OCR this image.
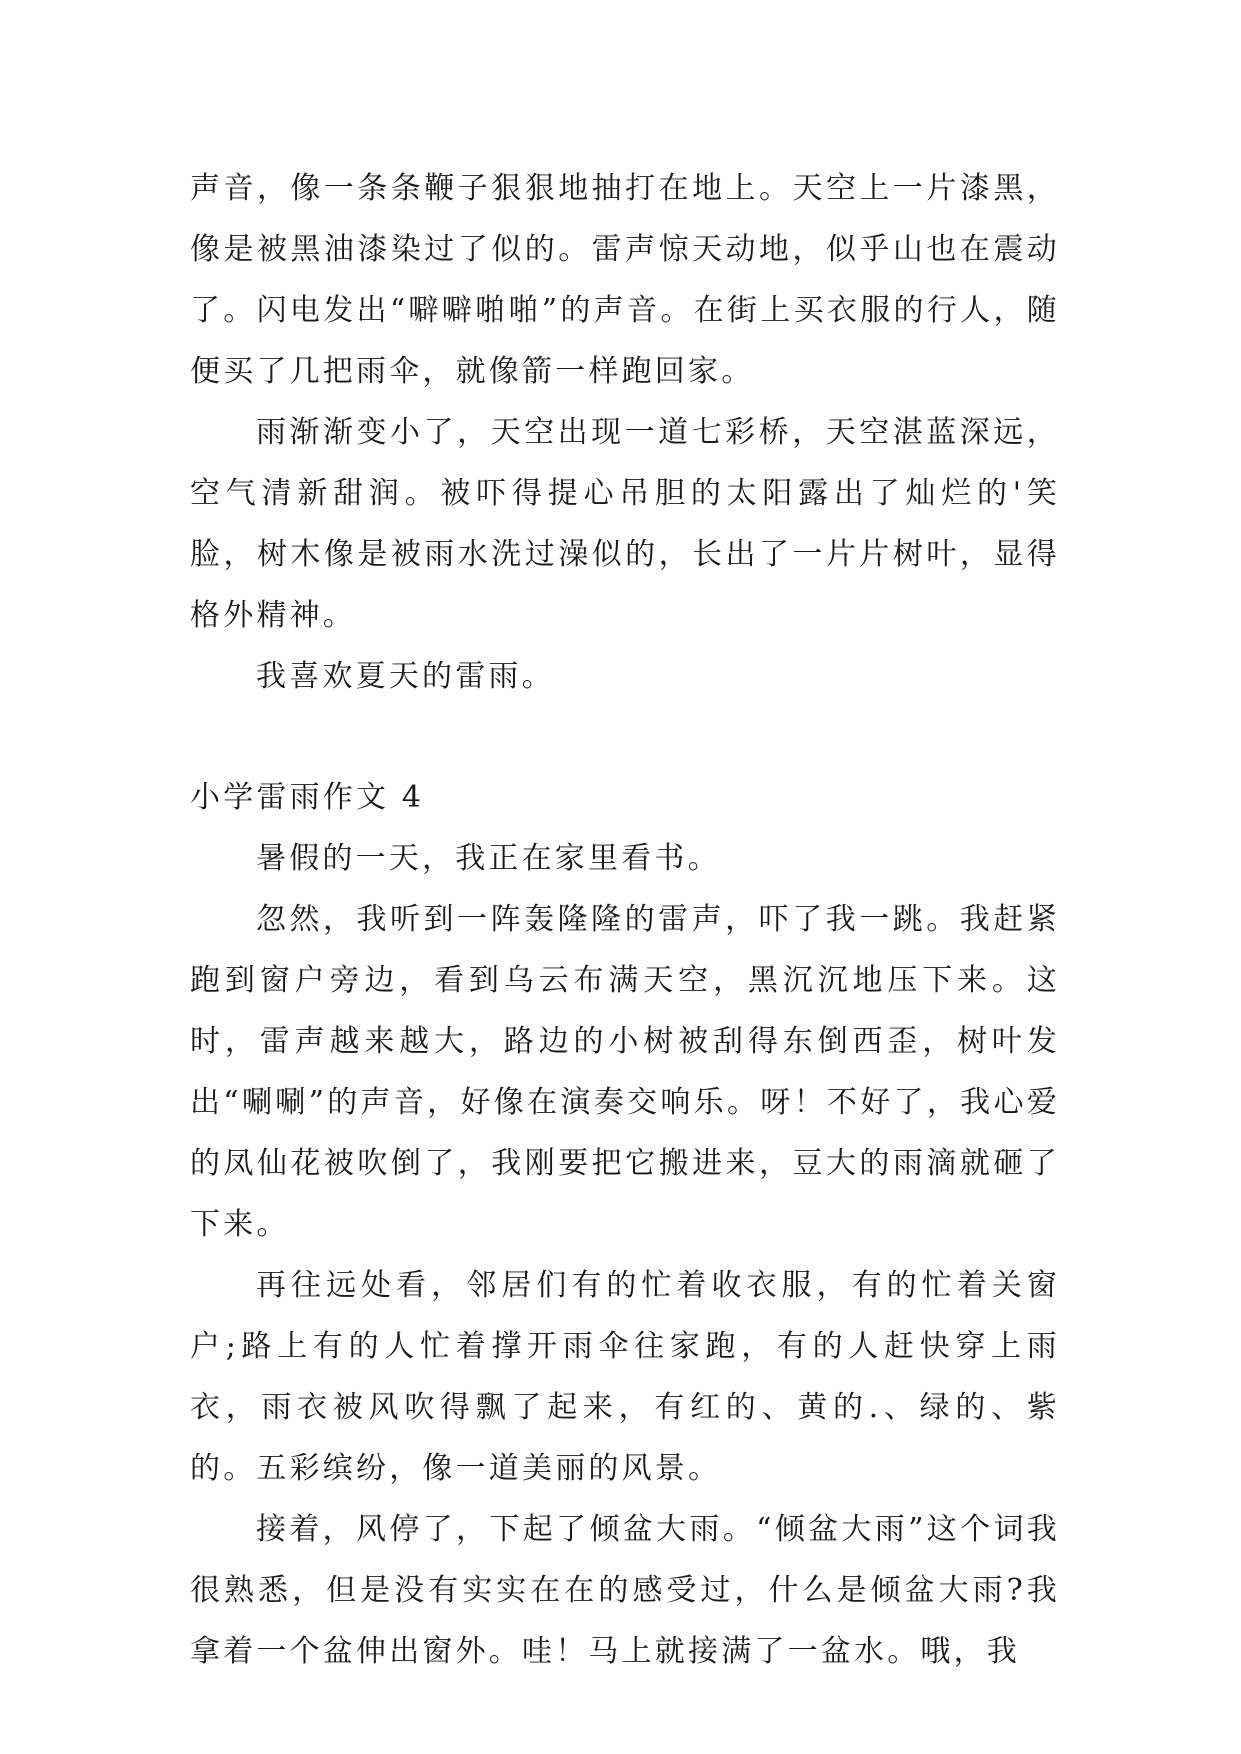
声音，像一条条鞭子狠狠地抽打在地上。天空上一片漆黑，像是被黑油漆染过了似的。雷声惊天动地，似乎山也在震动了。闪电发出“噼噼啪啪”的声音。在街上买衣服的行人，随便买了几把雨伞，就像箭一样跑回家。

雨渐渐变小了，天空出现一道七彩桥，天空湛蓝深远，空气清新甜润。被吓得提心吊胆的太阳露出了灿烂的'笑脸，树木像是被雨水洗过澡似的，长出了一片片树叶，显得格外精神。

我喜欢夏天的雷雨。

小学雷雨作文 4

暑假的一天，我正在家里看书。

忽然，我听到一阵轰隆隆的雷声，吓了我一跳。我赶紧跑到窗户旁边，看到乌云布满天空，黑沉沉地压下来。这时，雷声越来越大，路边的小树被刮得东倒西歪，树叶发出“唰唰”的声音，好像在演奏交响乐。呀！不好了，我心爱的凤仙花被吹倒了，我刚要把它搬进来，豆大的雨滴就砸了下来。

再往远处看，邻居们有的忙着收衣服，有的忙着关窗户;路上有的人忙着撑开雨伞往家跑，有的人赶快穿上雨衣，雨衣被风吹得飘了起来，有红的、黄的.、绿的、紫的。五彩缤纷，像一道美丽的风景。

接着，风停了，下起了倾盆大雨。“倾盆大雨”这个词我很熟悉，但是没有实实在在的感受过，什么是倾盆大雨?我拿着一个盆伸出窗外。哇！马上就接满了一盆水。哦，我
